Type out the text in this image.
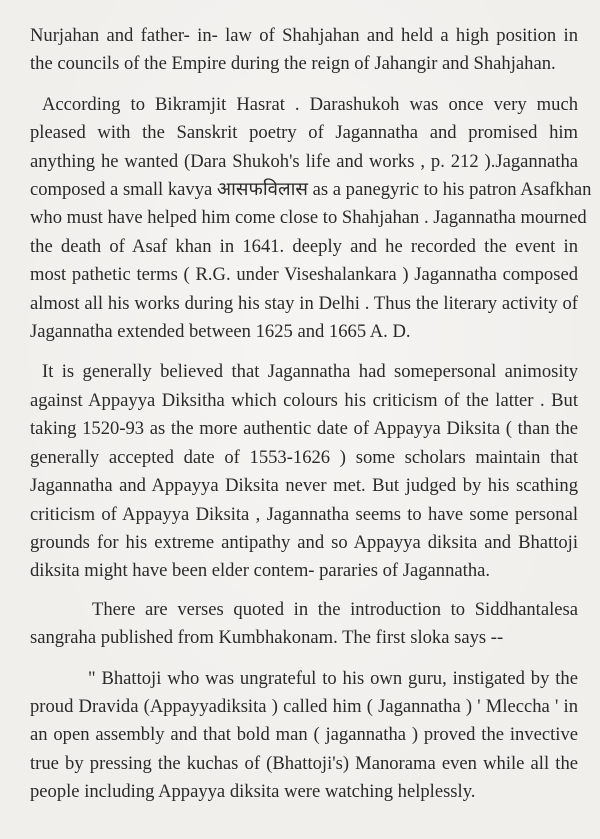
Nurjahan and father- in- law of Shahjahan and held a high position in
the councils of the Empire during the reign of Jahangir and Shahjahan.

According to Bikramjit Hasrat . Darashukoh was once very much
pleased with the Sanskrit poetry of Jagannatha and promised him
anything he wanted (Dara Shukoh's life and works , p. 212 ).Jagannatha
composed a small kavya आसफविलास as a panegyric to his patron Asafkhan
who must have helped him come close to Shahjahan . Jagannatha mourned
the death of Asaf khan in 1641. deeply and he recorded the event in
most pathetic terms ( R.G. under Viseshalankara ) Jagannatha composed
almost all his works during his stay in Delhi . Thus the literary activity of
Jagannatha extended between 1625 and 1665 A. D.

It is generally believed that Jagannatha had somepersonal animosity
against Appayya Diksitha which colours his criticism of the latter . But
taking 1520-93 as the more authentic date of Appayya Diksita ( than the
generally accepted date of 1553-1626 ) some scholars maintain that
Jagannatha and Appayya Diksita never met. But judged by his scathing
criticism of Appayya Diksita , Jagannatha seems to have some personal
grounds for his extreme antipathy and so Appayya diksita and Bhattoji
diksita might have been elder contem- pararies of Jagannatha.

There are verses quoted in the introduction to Siddhantalesa
sangraha published from Kumbhakonam. The first sloka says --

" Bhattoji who was ungrateful to his own guru, instigated by the
proud Dravida (Appayyadiksita ) called him ( Jagannatha ) ' Mleccha ' in
an open assembly and that bold man ( jagannatha ) proved the invective
true by pressing the kuchas of (Bhattoji's) Manorama even while all the
people including Appayya diksita were watching helplessly.
